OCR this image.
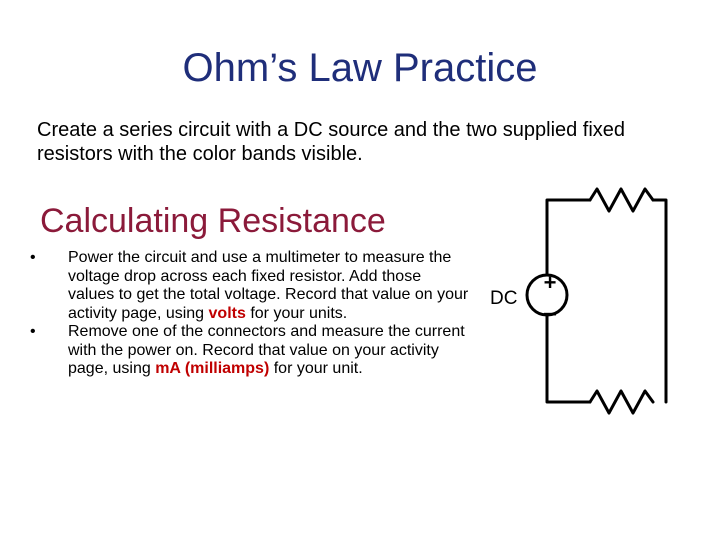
Ohm’s Law Practice
Create a series circuit with a DC source and the two supplied fixed resistors with the color bands visible.
Calculating Resistance
•	Power the circuit and use a multimeter to measure the voltage drop across each fixed resistor. Add those values to get the total voltage. Record that value on your activity page, using volts for your units.
•	Remove one of the connectors and measure the current with the power on. Record that value on your activity page, using mA (milliamps) for your unit.
+
−
DC
